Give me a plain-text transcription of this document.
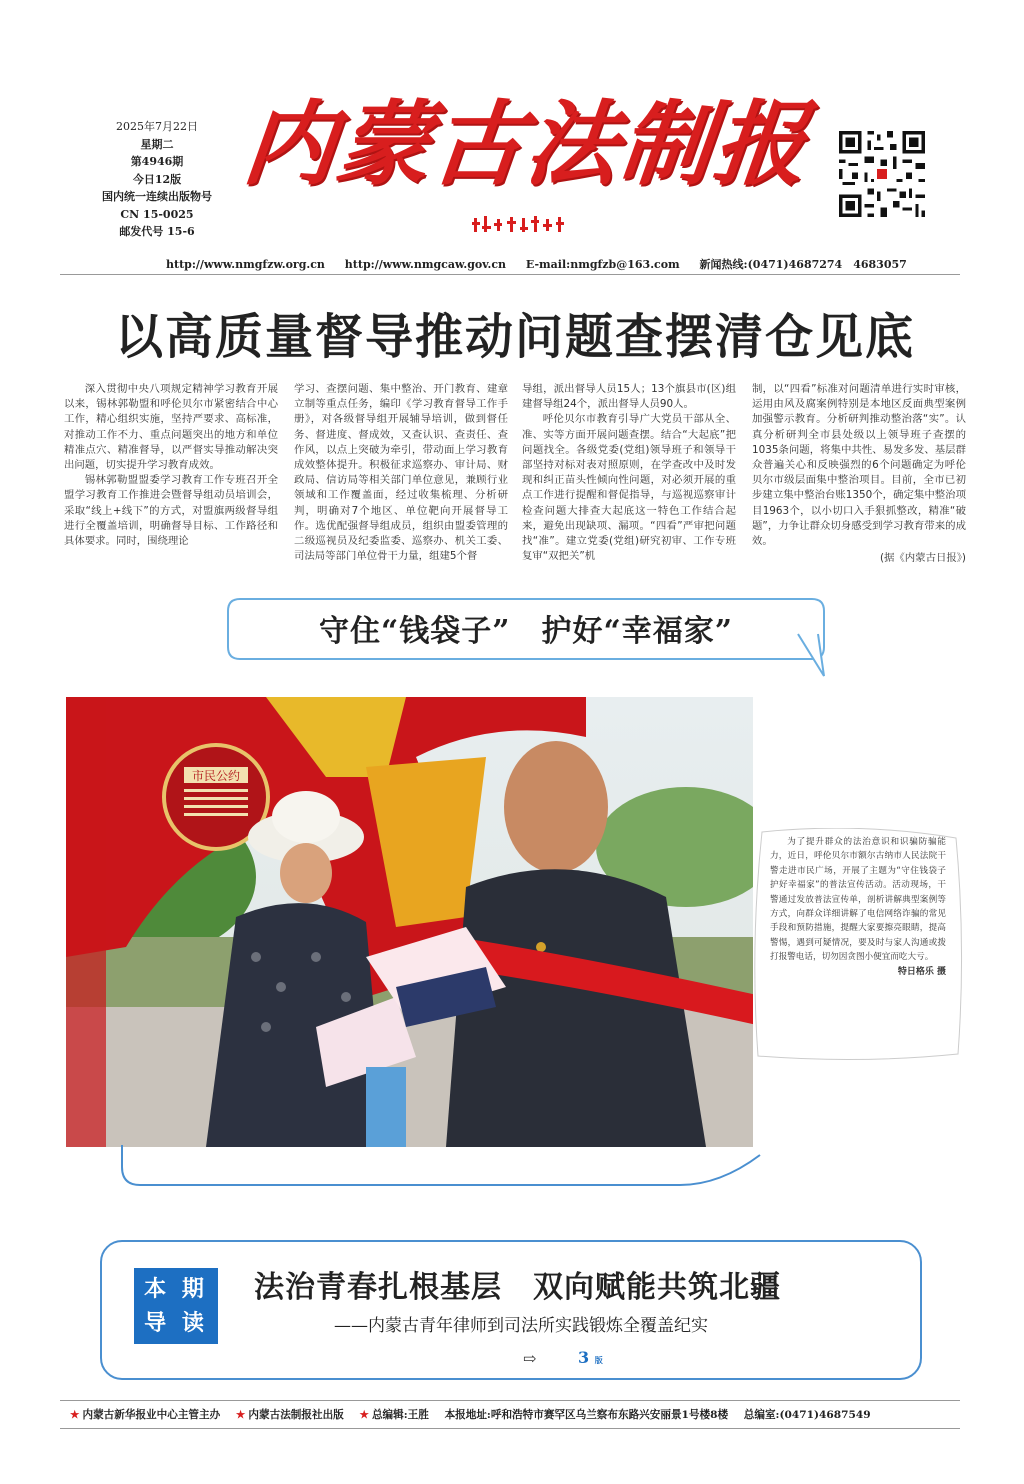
2025年7月22日
星期二
第4946期
今日12版
国内统一连续出版物号
CN 15-0025
邮发代号 15-6
内蒙古法制报
http://www.nmgfzw.org.cn http://www.nmgcaw.gov.cn E-mail:nmgfzb@163.com 新闻热线:(0471)4687274　4683057
以高质量督导推动问题查摆清仓见底

深入贯彻中央八项规定精神学习教育开展以来，锡林郭勒盟和呼伦贝尔市紧密结合中心工作，精心组织实施，坚持严要求、高标准，对推动工作不力、重点问题突出的地方和单位精准点穴、精准督导，以严督实导推动解决突出问题，切实提升学习教育成效。

锡林郭勒盟盟委学习教育工作专班召开全盟学习教育工作推进会暨督导组动员培训会，采取“线上+线下”的方式，对盟旗两级督导组进行全覆盖培训，明确督导目标、工作路径和具体要求。同时，围绕理论

学习、查摆问题、集中整治、开门教育、建章立制等重点任务，编印《学习教育督导工作手册》，对各级督导组开展辅导培训，做到督任务、督进度、督成效，又查认识、查责任、查作风，以点上突破为牵引，带动面上学习教育成效整体提升。积极征求巡察办、审计局、财政局、信访局等相关部门单位意见，兼顾行业领域和工作覆盖面，经过收集梳理、分析研判，明确对7个地区、单位靶向开展督导工作。选优配强督导组成员，组织由盟委管理的二级巡视员及纪委监委、巡察办、机关工委、司法局等部门单位骨干力量，组建5个督

导组，派出督导人员15人；13个旗县市(区)组建督导组24个，派出督导人员90人。

呼伦贝尔市教育引导广大党员干部从全、准、实等方面开展问题查摆。结合“大起底”把问题找全。各级党委(党组)领导班子和领导干部坚持对标对表对照原则，在学查改中及时发现和纠正苗头性倾向性问题，对必须开展的重点工作进行提醒和督促指导，与巡视巡察审计检查问题大排查大起底这一特色工作结合起来，避免出现缺项、漏项。“四看”严审把问题找“准”。建立党委(党组)研究初审、工作专班复审“双把关”机

制，以“四看”标准对问题清单进行实时审核，运用由风及腐案例特别是本地区反面典型案例加强警示教育。分析研判推动整治落“实”。认真分析研判全市县处级以上领导班子查摆的1035条问题，将集中共性、易发多发、基层群众普遍关心和反映强烈的6个问题确定为呼伦贝尔市级层面集中整治项目。目前，全市已初步建立集中整治台账1350个，确定集中整治项目1963个，以小切口入手狠抓整改，精准“破题”，力争让群众切身感受到学习教育带来的成效。

(据《内蒙古日报》)

守住“钱袋子”　护好“幸福家”
市民公约

为了提升群众的法治意识和识骗防骗能力，近日，呼伦贝尔市额尔古纳市人民法院干警走进市民广场，开展了主题为“守住钱袋子 护好幸福家”的普法宣传活动。活动现场，干警通过发放普法宣传单，剖析讲解典型案例等方式，向群众详细讲解了电信网络诈骗的常见手段和预防措施，提醒大家要擦亮眼睛，提高警惕，遇到可疑情况，要及时与家人沟通或拨打报警电话，切勿因贪图小便宜而吃大亏。

特日格乐 摄

本 期
导 读
法治青春扎根基层　双向赋能共筑北疆
——内蒙古青年律师到司法所实践锻炼全覆盖纪实
⇨	3 版
★ 内蒙古新华报业中心主管主办 ★ 内蒙古法制报社出版 ★ 总编辑:王胜 本报地址:呼和浩特市赛罕区乌兰察布东路兴安丽景1号楼8楼 总编室:(0471)4687549
